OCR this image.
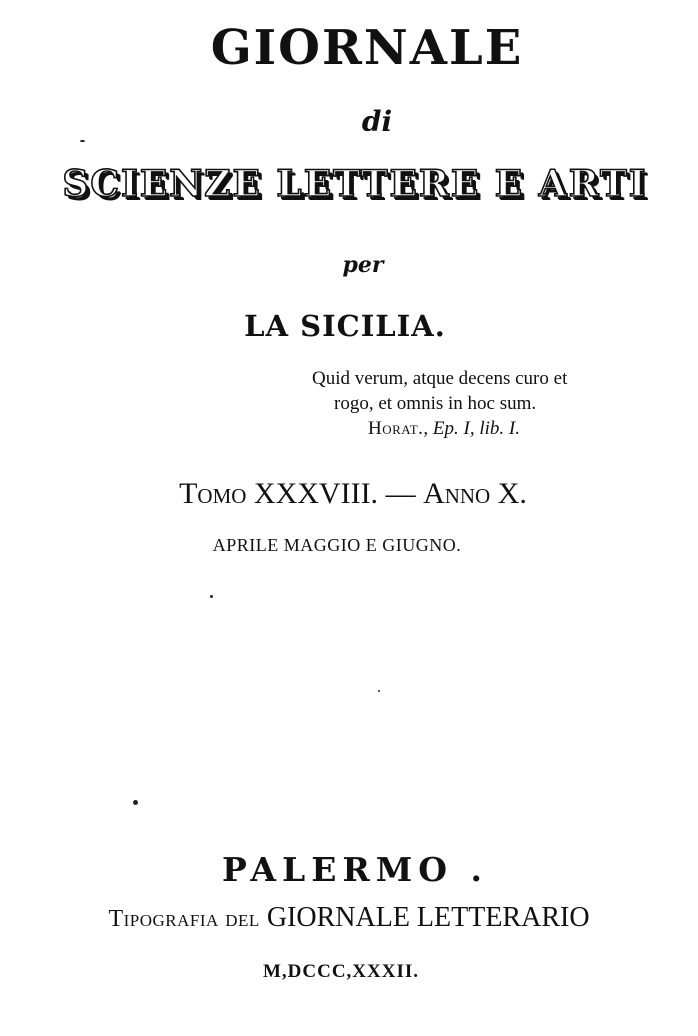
GIORNALE
di
SCIENZE LETTERE E ARTI
per
LA SICILIA.
Quid verum, atque decens curo et
rogo, et omnis in hoc sum.
Horat., Ep. I, lib. I.
Tomo XXXVIII. — Anno X.
APRILE MAGGIO E GIUGNO.
PALERMO .
Tipografia del GIORNALE LETTERARIO
M,DCCC,XXXII.
